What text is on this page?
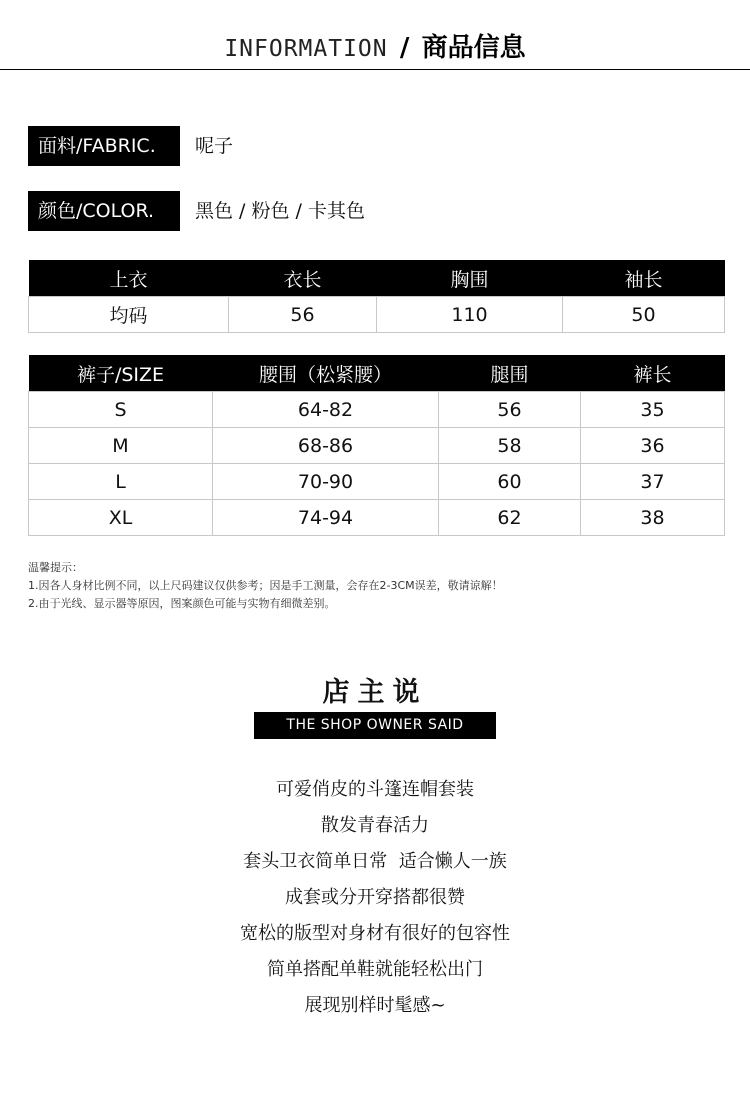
INFORMATION / 商品信息
面料/FABRIC.	呢子
颜色/COLOR.	黑色 / 粉色 / 卡其色
上衣	衣长	胸围	袖长
均码	56	110	50
裤子/SIZE	腰围（松紧腰）	腿围	裤长
S	64-82	56	35
M	68-86	58	36
L	70-90	60	37
XL	74-94	62	38
温馨提示：
1.因各人身材比例不同，以上尺码建议仅供参考；因是手工测量，会存在2-3CM误差，敬请谅解！
2.由于光线、显示器等原因，图案颜色可能与实物有细微差别。
店主说
THE SHOP OWNER SAID
可爱俏皮的斗篷连帽套装
散发青春活力
套头卫衣简单日常  适合懒人一族
成套或分开穿搭都很赞
宽松的版型对身材有很好的包容性
简单搭配单鞋就能轻松出门
展现别样时髦感~
